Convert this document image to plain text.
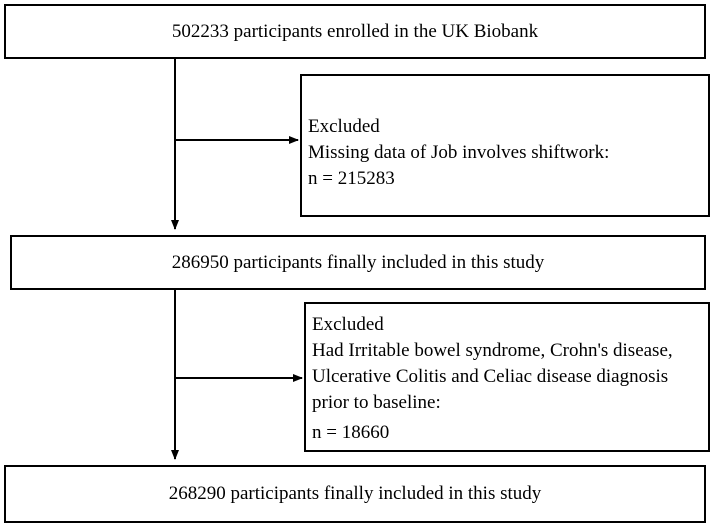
502233 participants enrolled in the UK Biobank
Excluded
Missing data of Job involves shiftwork:
n = 215283
286950 participants finally included in this study
Excluded
Had Irritable bowel syndrome, Crohn's disease,
Ulcerative Colitis and Celiac disease diagnosis
prior to baseline:
n = 18660
268290 participants finally included in this study
